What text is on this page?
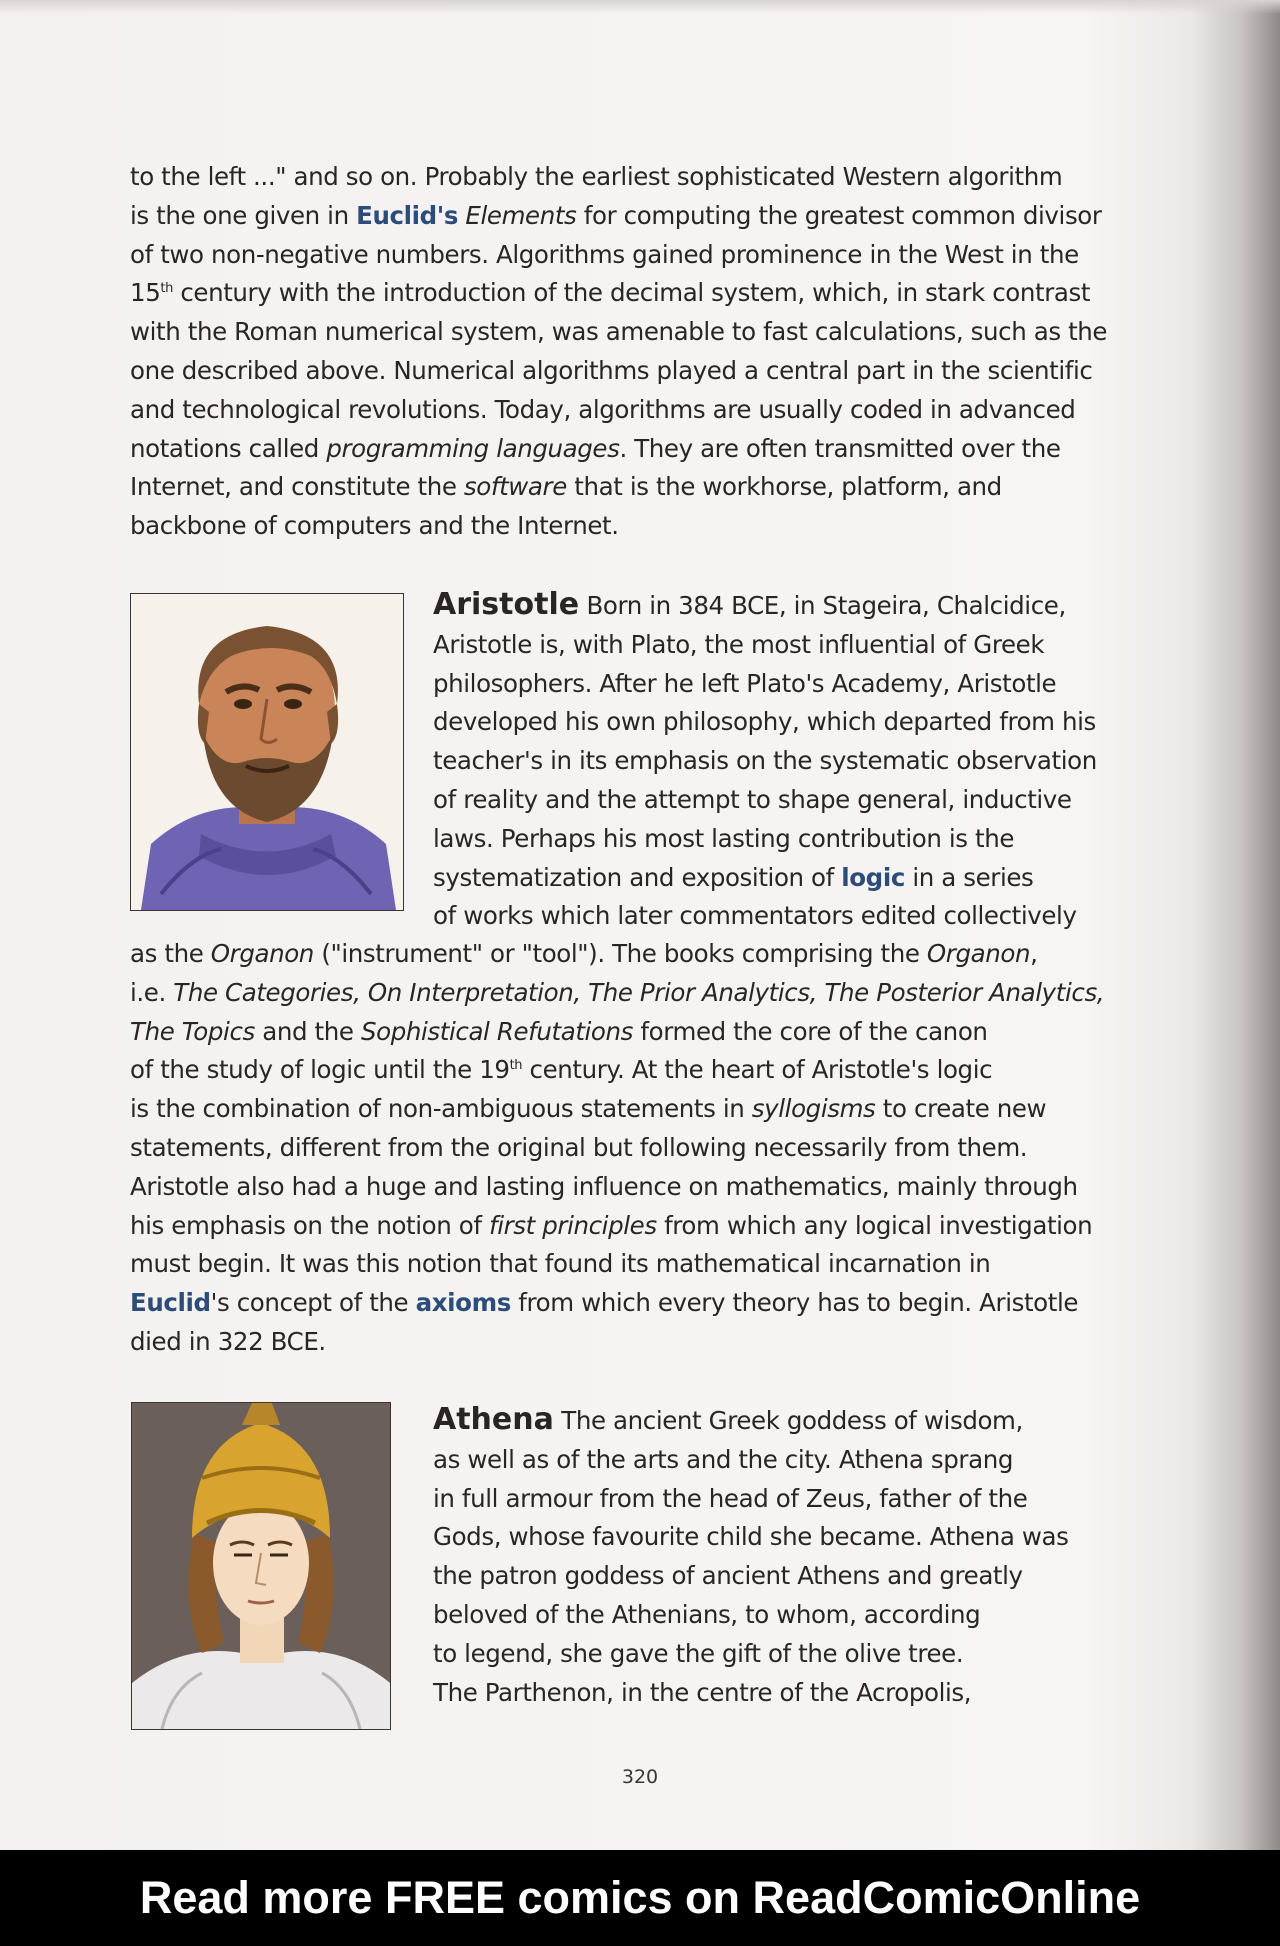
to the left ..." and so on. Probably the earliest sophisticated Western algorithm
is the one given in Euclid's Elements for computing the greatest common divisor
of two non-negative numbers. Algorithms gained prominence in the West in the
15th century with the introduction of the decimal system, which, in stark contrast
with the Roman numerical system, was amenable to fast calculations, such as the
one described above. Numerical algorithms played a central part in the scientific
and technological revolutions. Today, algorithms are usually coded in advanced
notations called programming languages. They are often transmitted over the
Internet, and constitute the software that is the workhorse, platform, and
backbone of computers and the Internet.
Aristotle Born in 384 BCE, in Stageira, Chalcidice,
Aristotle is, with Plato, the most influential of Greek
philosophers. After he left Plato's Academy, Aristotle
developed his own philosophy, which departed from his
teacher's in its emphasis on the systematic observation
of reality and the attempt to shape general, inductive
laws. Perhaps his most lasting contribution is the
systematization and exposition of logic in a series
of works which later commentators edited collectively
as the Organon ("instrument" or "tool"). The books comprising the Organon,
i.e. The Categories, On Interpretation, The Prior Analytics, The Posterior Analytics,
The Topics and the Sophistical Refutations formed the core of the canon
of the study of logic until the 19th century. At the heart of Aristotle's logic
is the combination of non-ambiguous statements in syllogisms to create new
statements, different from the original but following necessarily from them.
Aristotle also had a huge and lasting influence on mathematics, mainly through
his emphasis on the notion of first principles from which any logical investigation
must begin. It was this notion that found its mathematical incarnation in
Euclid's concept of the axioms from which every theory has to begin. Aristotle
died in 322 BCE.
Athena The ancient Greek goddess of wisdom,
as well as of the arts and the city. Athena sprang
in full armour from the head of Zeus, father of the
Gods, whose favourite child she became. Athena was
the patron goddess of ancient Athens and greatly
beloved of the Athenians, to whom, according
to legend, she gave the gift of the olive tree.
The Parthenon, in the centre of the Acropolis,
320
Read more FREE comics on ReadComicOnline
